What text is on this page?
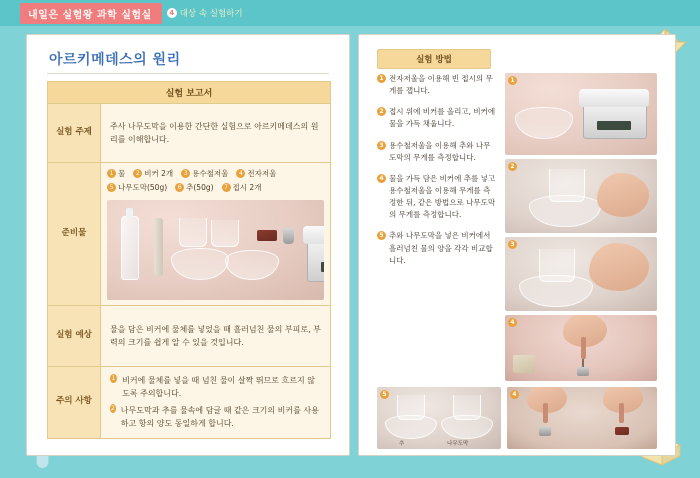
내일은 실험왕 과학 실험실	4 대상 속 실험하기
아르키메데스의 원리
실험 보고서
실험 주제
주사 나무도막을 이용한 간단한 실험으로 아르키메데스의 원리를 이해합니다.
준비물
1 물	2 비커 2개	3 용수철저울	4 전자저울
5 나무도막(50g)	6 추(50g)	7 접시 2개
실험 예상
물을 담은 비커에 물체를 넣었을 때 흘러넘친 물의 부피로, 부력의 크기를 쉽게 알 수 있을 것입니다.
주의 사항
1 비커에 물체를 넣을 때 넘친 물이 살짝 뛰므로 흐르지 않도록 주의합니다.
2 나무도막과 추를 물속에 담글 때 같은 크기의 비커를 사용하고 항의 양도 동일하게 합니다.
실험 방법
1 전자저울을 이용해 빈 접시의 무게를 잽니다.
2 접시 위에 비커를 올리고, 비커에 물을 가득 채웁니다.
3 용수철저울을 이용해 추와 나무도막의 무게를 측정합니다.
4 물을 가득 담은 비커에 추를 넣고 용수철저울을 이용해 무게를 측정한 뒤, 같은 방법으로 나무도막의 무게를 측정합니다.
5 추와 나무도막을 넣은 비커에서 흘러넘친 물의 양을 각각 비교합니다.
1
2
3
4
5
추	나무도막
4
